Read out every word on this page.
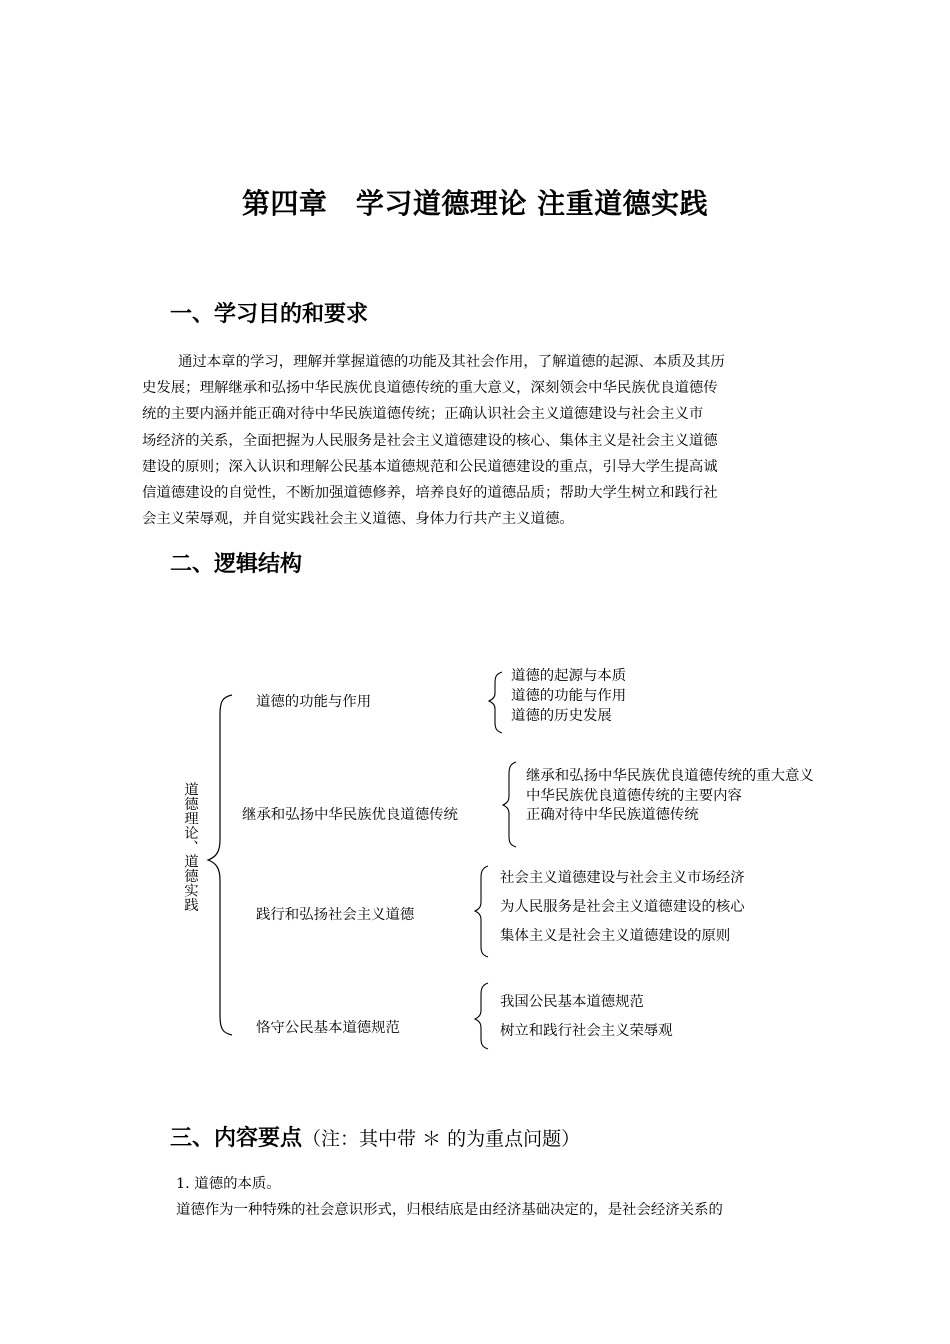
第四章　学习道德理论 注重道德实践
一、学习目的和要求
通过本章的学习，理解并掌握道德的功能及其社会作用，了解道德的起源、本质及其历
史发展；理解继承和弘扬中华民族优良道德传统的重大意义，深刻领会中华民族优良道德传
统的主要内涵并能正确对待中华民族道德传统；正确认识社会主义道德建设与社会主义市
场经济的关系，全面把握为人民服务是社会主义道德建设的核心、集体主义是社会主义道德
建设的原则；深入认识和理解公民基本道德规范和公民道德建设的重点，引导大学生提高诚
信道德建设的自觉性，不断加强道德修养，培养良好的道德品质；帮助大学生树立和践行社
会主义荣辱观，并自觉实践社会主义道德、身体力行共产主义道德。
二、逻辑结构
道德理论、道德实践
道德的功能与作用
道德的起源与本质
道德的功能与作用
道德的历史发展
继承和弘扬中华民族优良道德传统
继承和弘扬中华民族优良道德传统的重大意义
中华民族优良道德传统的主要内容
正确对待中华民族道德传统
践行和弘扬社会主义道德
社会主义道德建设与社会主义市场经济
为人民服务是社会主义道德建设的核心
集体主义是社会主义道德建设的原则
恪守公民基本道德规范
我国公民基本道德规范
树立和践行社会主义荣辱观
三、内容要点（注：其中带 ＊ 的为重点问题）
1. 道德的本质。
道德作为一种特殊的社会意识形式，归根结底是由经济基础决定的，是社会经济关系的
